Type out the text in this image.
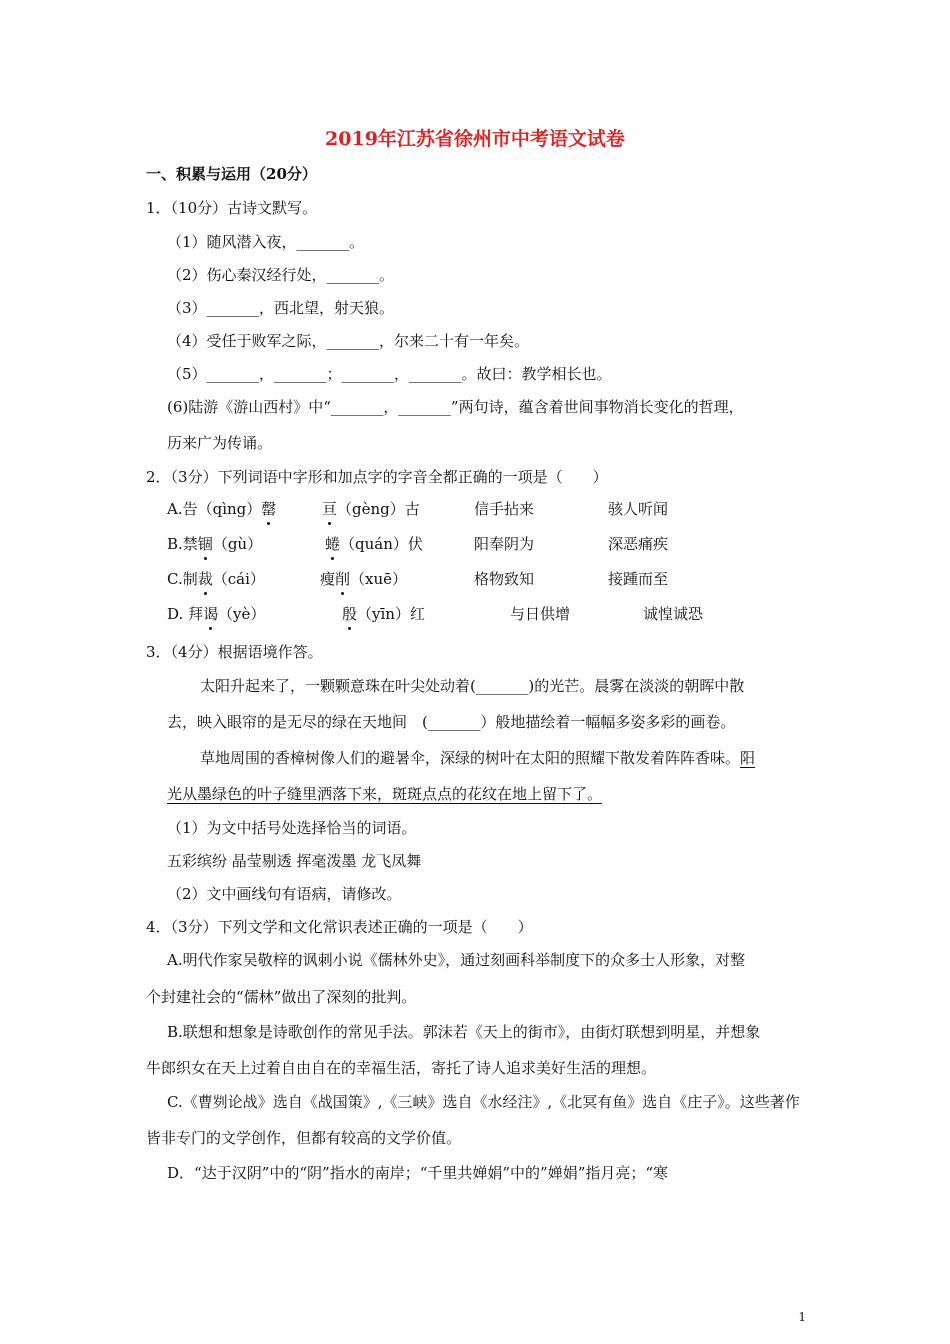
2019年江苏省徐州市中考语文试卷
一、积累与运用（20分）
1．（10分）古诗文默写。
（1）随风潜入夜，_______。
（2）伤心秦汉经行处，_______。
（3）_______，西北望，射天狼。
（4）受任于败军之际，_______，尔来二十有一年矣。
（5）_______，_______；_______，_______。故曰：教学相长也。
(6)陆游《游山西村》中“_______，_______”两句诗，蕴含着世间事物消长变化的哲理，
历来广为传诵。
2．（3分）下列词语中字形和加点字的字音全都正确的一项是（　　）
A.告（qìng）罄	亘（gèng）古	信手拈来	骇人听闻
B.禁锢（gù）	蜷（quán）伏	阳奉阴为	深恶痛疾
C.制裁（cái）	瘦削（xuē）	格物致知	接踵而至
D. 拜谒（yè）	殷（yīn）红	与日供增	诚惶诚恐
3．（4分）根据语境作答。
太阳升起来了，一颗颗意珠在叶尖处动着(_______)的光芒。晨雾在淡淡的朝晖中散
去，映入眼帘的是无尽的绿在天地间　(_______）般地描绘着一幅幅多姿多彩的画卷。
草地周围的香樟树像人们的避暑伞，深绿的树叶在太阳的照耀下散发着阵阵香味。阳
光从墨绿色的叶子缝里洒落下来，斑斑点点的花纹在地上留下了。
（1）为文中括号处选择恰当的词语。
五彩缤纷 晶莹剔透 挥毫泼墨 龙飞凤舞
（2）文中画线句有语病，请修改。
4．（3分）下列文学和文化常识表述正确的一项是（　　）
A.明代作家吴敬梓的讽刺小说《儒林外史》，通过刻画科举制度下的众多士人形象，对整
个封建社会的“儒林”做出了深刻的批判。
B.联想和想象是诗歌创作的常见手法。郭沫若《天上的街市》，由街灯联想到明星，并想象
牛郎织女在天上过着自由自在的幸福生活，寄托了诗人追求美好生活的理想。
C.《曹刿论战》选自《战国策》,《三峡》选自《水经注》,《北冥有鱼》选自《庄子》。这些著作
皆非专门的文学创作，但都有较高的文学价值。
D．“达于汉阴”中的“阴”指水的南岸；“千里共婵娟”中的”婵娟”指月亮；“寒
1
